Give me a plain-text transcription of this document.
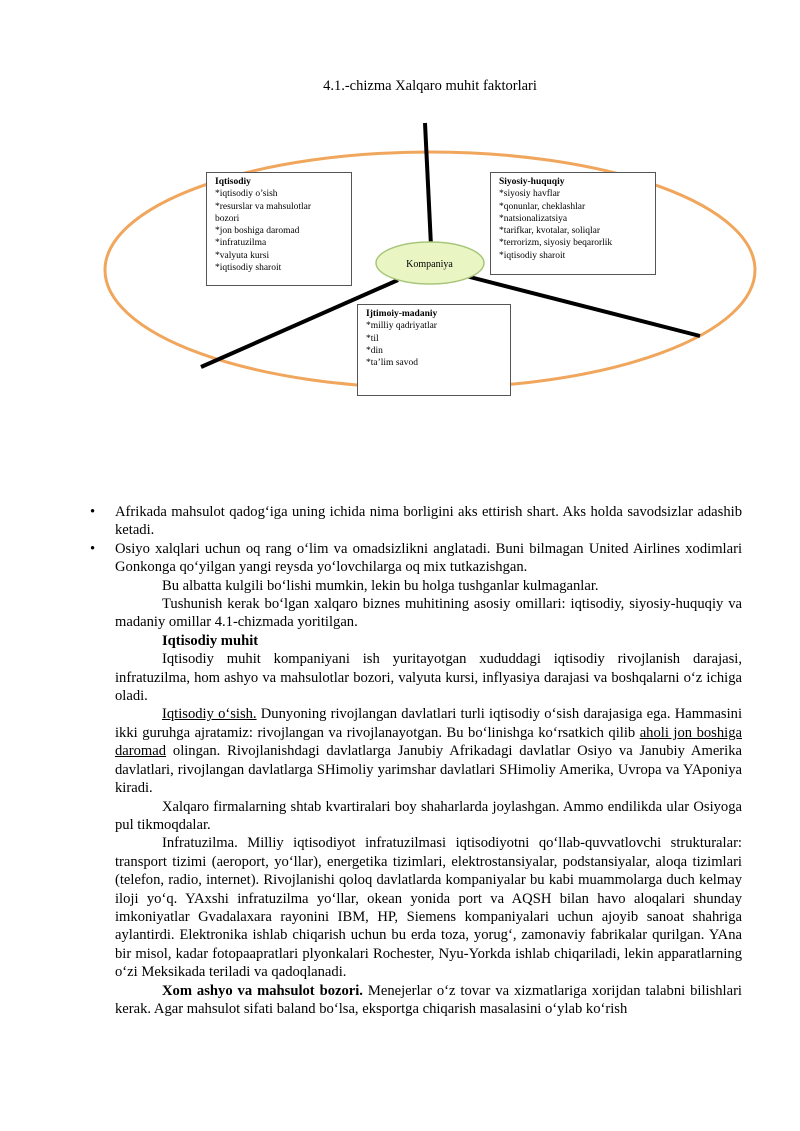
4.1.-chizma Xalqaro muhit faktorlari
Kompaniya
Iqtisodiy
*iqtisodiy o’sish
*resurslar va mahsulotlar
bozori
*jon boshiga daromad
*infratuzilma
*valyuta kursi
*iqtisodiy sharoit
Siyosiy-huquqiy
*siyosiy havflar
*qonunlar, cheklashlar
*natsionalizatsiya
*tarifkar, kvotalar, soliqlar
*terrorizm, siyosiy beqarorlik
*iqtisodiy sharoit
Ijtimoiy-madaniy
*milliy qadriyatlar
*til
*din
*ta’lim savod

• Afrikada mahsulot qadog‘iga uning ichida nima borligini aks ettirish shart. Aks holda savodsizlar adashib ketadi.

• Osiyo xalqlari uchun oq rang o‘lim va omadsizlikni anglatadi. Buni bilmagan United Airlines xodimlari Gonkonga qo‘yilgan yangi reysda yo‘lovchilarga oq mix tutkazishgan.

Bu albatta kulgili bo‘lishi mumkin, lekin bu holga tushganlar kulmaganlar.

Tushunish kerak bo‘lgan xalqaro biznes muhitining asosiy omillari: iqtisodiy, siyosiy-huquqiy va madaniy omillar 4.1-chizmada yoritilgan.

Iqtisodiy muhit

Iqtisodiy muhit kompaniyani ish yuritayotgan xududdagi iqtisodiy rivojlanish darajasi, infratuzilma, hom ashyo va mahsulotlar bozori, valyuta kursi, inflyasiya darajasi va boshqalarni o‘z ichiga oladi.

Iqtisodiy o‘sish. Dunyoning rivojlangan davlatlari turli iqtisodiy o‘sish darajasiga ega. Hammasini ikki guruhga ajratamiz: rivojlangan va rivojlanayotgan. Bu bo‘linishga ko‘rsatkich qilib aholi jon boshiga daromad olingan. Rivojlanishdagi davlatlarga Janubiy Afrikadagi davlatlar Osiyo va Janubiy Amerika davlatlari, rivojlangan davlatlarga SHimoliy yarimshar davlatlari SHimoliy Amerika, Uvropa va YAponiya kiradi.

Xalqaro firmalarning shtab kvartiralari boy shaharlarda joylashgan. Ammo endilikda ular Osiyoga pul tikmoqdalar.

Infratuzilma. Milliy iqtisodiyot infratuzilmasi iqtisodiyotni qo‘llab-quvvatlovchi strukturalar: transport tizimi (aeroport, yo‘llar), energetika tizimlari, elektrostansiyalar, podstansiyalar, aloqa tizimlari (telefon, radio, internet). Rivojlanishi qoloq davlatlarda kompaniyalar bu kabi muammolarga duch kelmay iloji yo‘q. YAxshi infratuzilma yo‘llar, okean yonida port va AQSH bilan havo aloqalari shunday imkoniyatlar Gvadalaxara rayonini IBM, HP, Siemens kompaniyalari uchun ajoyib sanoat shahriga aylantirdi. Elektronika ishlab chiqarish uchun bu erda toza, yorug‘, zamonaviy fabrikalar qurilgan. YAna bir misol, kadar fotopaapratlari plyonkalari Rochester, Nyu-Yorkda ishlab chiqariladi, lekin apparatlarning o‘zi Meksikada teriladi va qadoqlanadi.

Xom ashyo va mahsulot bozori. Menejerlar o‘z tovar va xizmatlariga xorijdan talabni bilishlari kerak. Agar mahsulot sifati baland bo‘lsa, eksportga chiqarish masalasini o‘ylab ko‘rish
